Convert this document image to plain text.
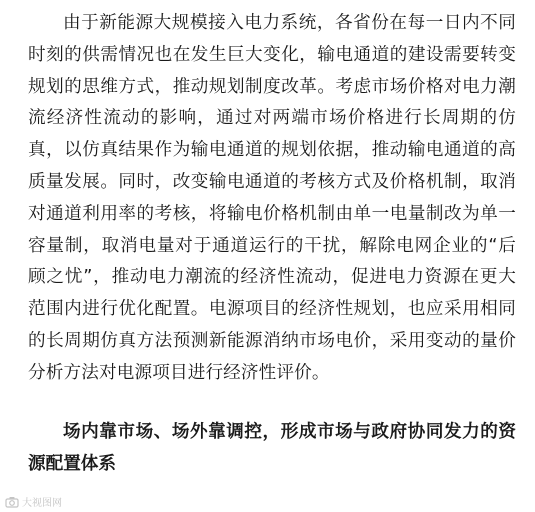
由于新能源大规模接入电力系统，各省份在每一日内不同时刻的供需情况也在发生巨大变化，输电通道的建设需要转变规划的思维方式，推动规划制度改革。考虑市场价格对电力潮流经济性流动的影响，通过对两端市场价格进行长周期的仿真，以仿真结果作为输电通道的规划依据，推动输电通道的高质量发展。同时，改变输电通道的考核方式及价格机制，取消对通道利用率的考核，将输电价格机制由单一电量制改为单一容量制，取消电量对于通道运行的干扰，解除电网企业的“后顾之忧”，推动电力潮流的经济性流动，促进电力资源在更大范围内进行优化配置。电源项目的经济性规划，也应采用相同的长周期仿真方法预测新能源消纳市场电价，采用变动的量价分析方法对电源项目进行经济性评价。

场内靠市场、场外靠调控，形成市场与政府协同发力的资源配置体系

大视图网
